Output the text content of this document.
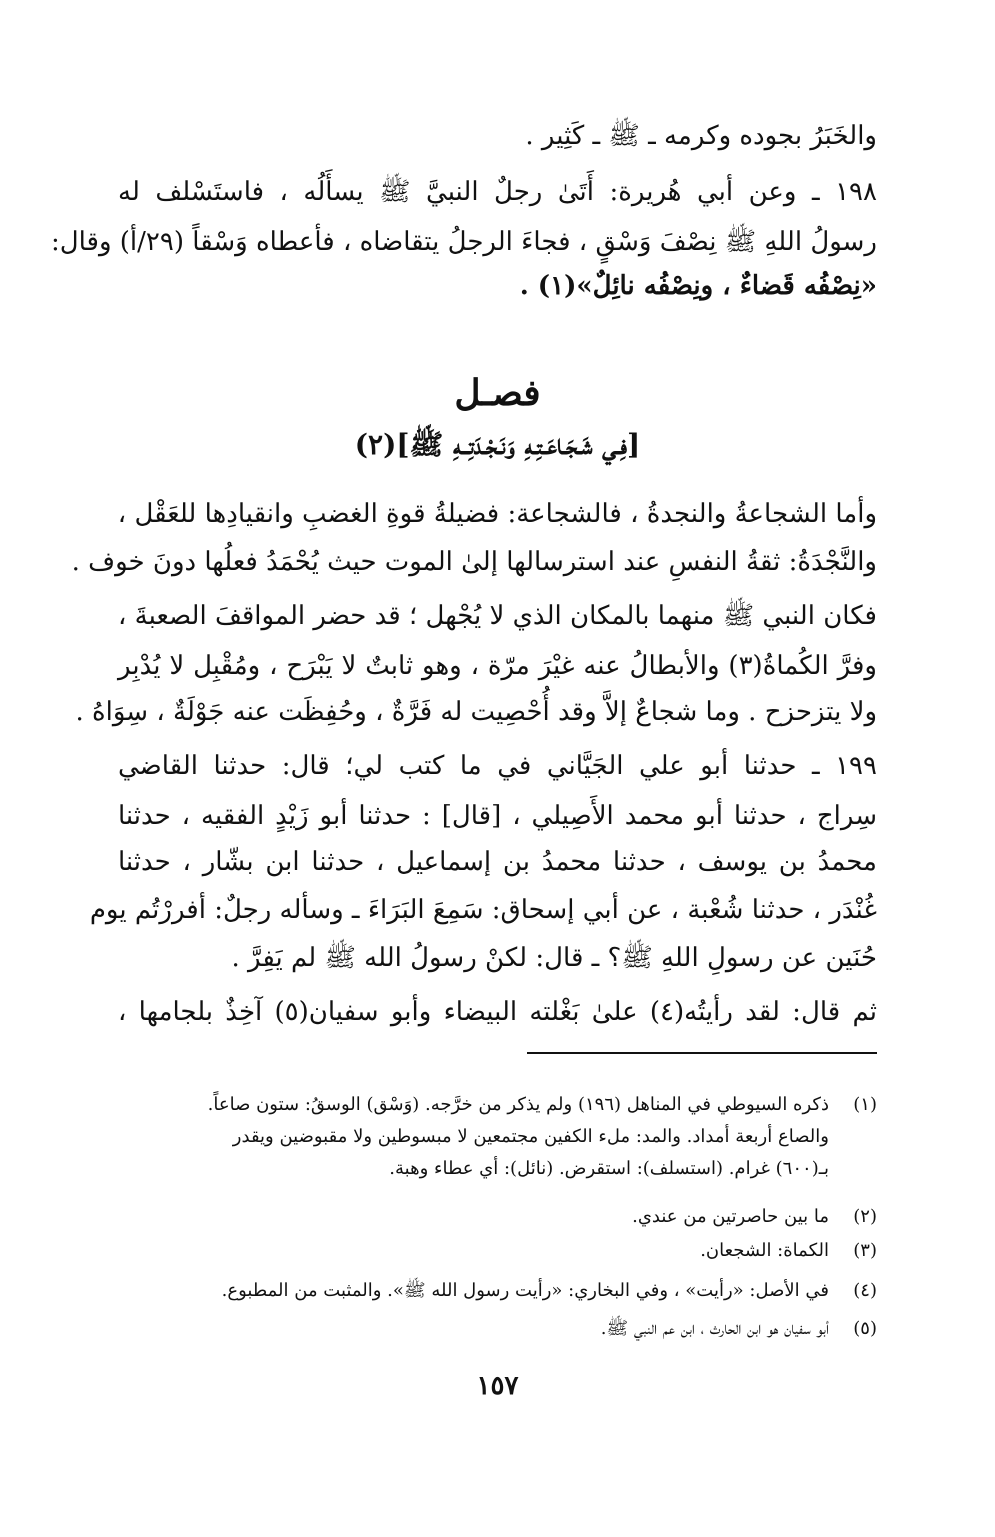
والخَبَرُ بجوده وكرمه ـ ﷺ ـ كَثِير .
١٩٨ ـ وعن أبي هُريرة: أَتَىٰ رجلٌ النبيَّ ﷺ يسأَلُه ، فاستَسْلف له
رسولُ اللهِ ﷺ نِصْفَ وَسْقٍ ، فجاءَ الرجلُ يتقاضاه ، فأعطاه وَسْقاً (٢٩/أ) وقال:
«نِصْفُه قَضاءٌ ، ونِصْفُه نائِلٌ»(١) .
فصـل
[فِـي شَـجَـاعَـتِـهِ وَنَـجْـدَتِــهِ ﷺ](٢)
وأما الشجاعةُ والنجدةُ ، فالشجاعة: فضيلةُ قوةِ الغضبِ وانقيادِها للعَقْل ،
والنَّجْدَةُ: ثقةُ النفسِ عند استرسالها إلىٰ الموت حيث يُحْمَدُ فعلُها دونَ خوف .
فكان النبي ﷺ منهما بالمكان الذي لا يُجْهل ؛ قد حضر المواقفَ الصعبةَ ،
وفرَّ الكُماةُ(٣) والأبطالُ عنه غيْرَ مرّة ، وهو ثابتٌ لا يَبْرَح ، ومُقْبِل لا يُدْبِر
ولا يتزحزح . وما شجاعٌ إلاَّ وقد أُحْصِيت له فَرَّةٌ ، وحُفِظَت عنه جَوْلَةٌ ، سِوَاهُ .
١٩٩ ـ حدثنا أبو علي الجَيَّاني في ما كتب لي؛ قال: حدثنا القاضي
سِراج ، حدثنا أبو محمد الأَصِيلي ، [قال] : حدثنا أبو زَيْدٍ الفقيه ، حدثنا
محمدُ بن يوسف ، حدثنا محمدُ بن إسماعيل ، حدثنا ابن بشّار ، حدثنا
غُنْدَر ، حدثنا شُعْبة ، عن أبي إسحاق: سَمِعَ البَرَاءَ ـ وسأله رجلٌ: أفررْتُم يوم
حُنَين عن رسولِ اللهِ ﷺ؟ ـ قال: لكنْ رسولُ الله ﷺ لم يَفِرَّ .
ثم قال: لقد رأيتُه(٤) علىٰ بَغْلته البيضاء وأبو سفيان(٥) آخِذٌ بلجامها ،
(١)ذكره السيوطي في المناهل (١٩٦) ولم يذكر من خرَّجه. (وَسْق) الوسقُ: ستون صاعاً.
والصاع أربعة أمداد. والمد: ملء الكفين مجتمعين لا مبسوطين ولا مقبوضين ويقدر
بـ(٦٠٠) غرام. (استسلف): استقرض. (نائل): أي عطاء وهبة.
(٢)ما بين حاصرتين من عندي.
(٣)الكماة: الشجعان.
(٤)في الأصل: «رأيت» ، وفي البخاري: «رأيت رسول الله ﷺ». والمثبت من المطبوع.
(٥)أبو سفيان هو ابن الحارث ، ابن عم النبي ﷺ.
١٥٧
